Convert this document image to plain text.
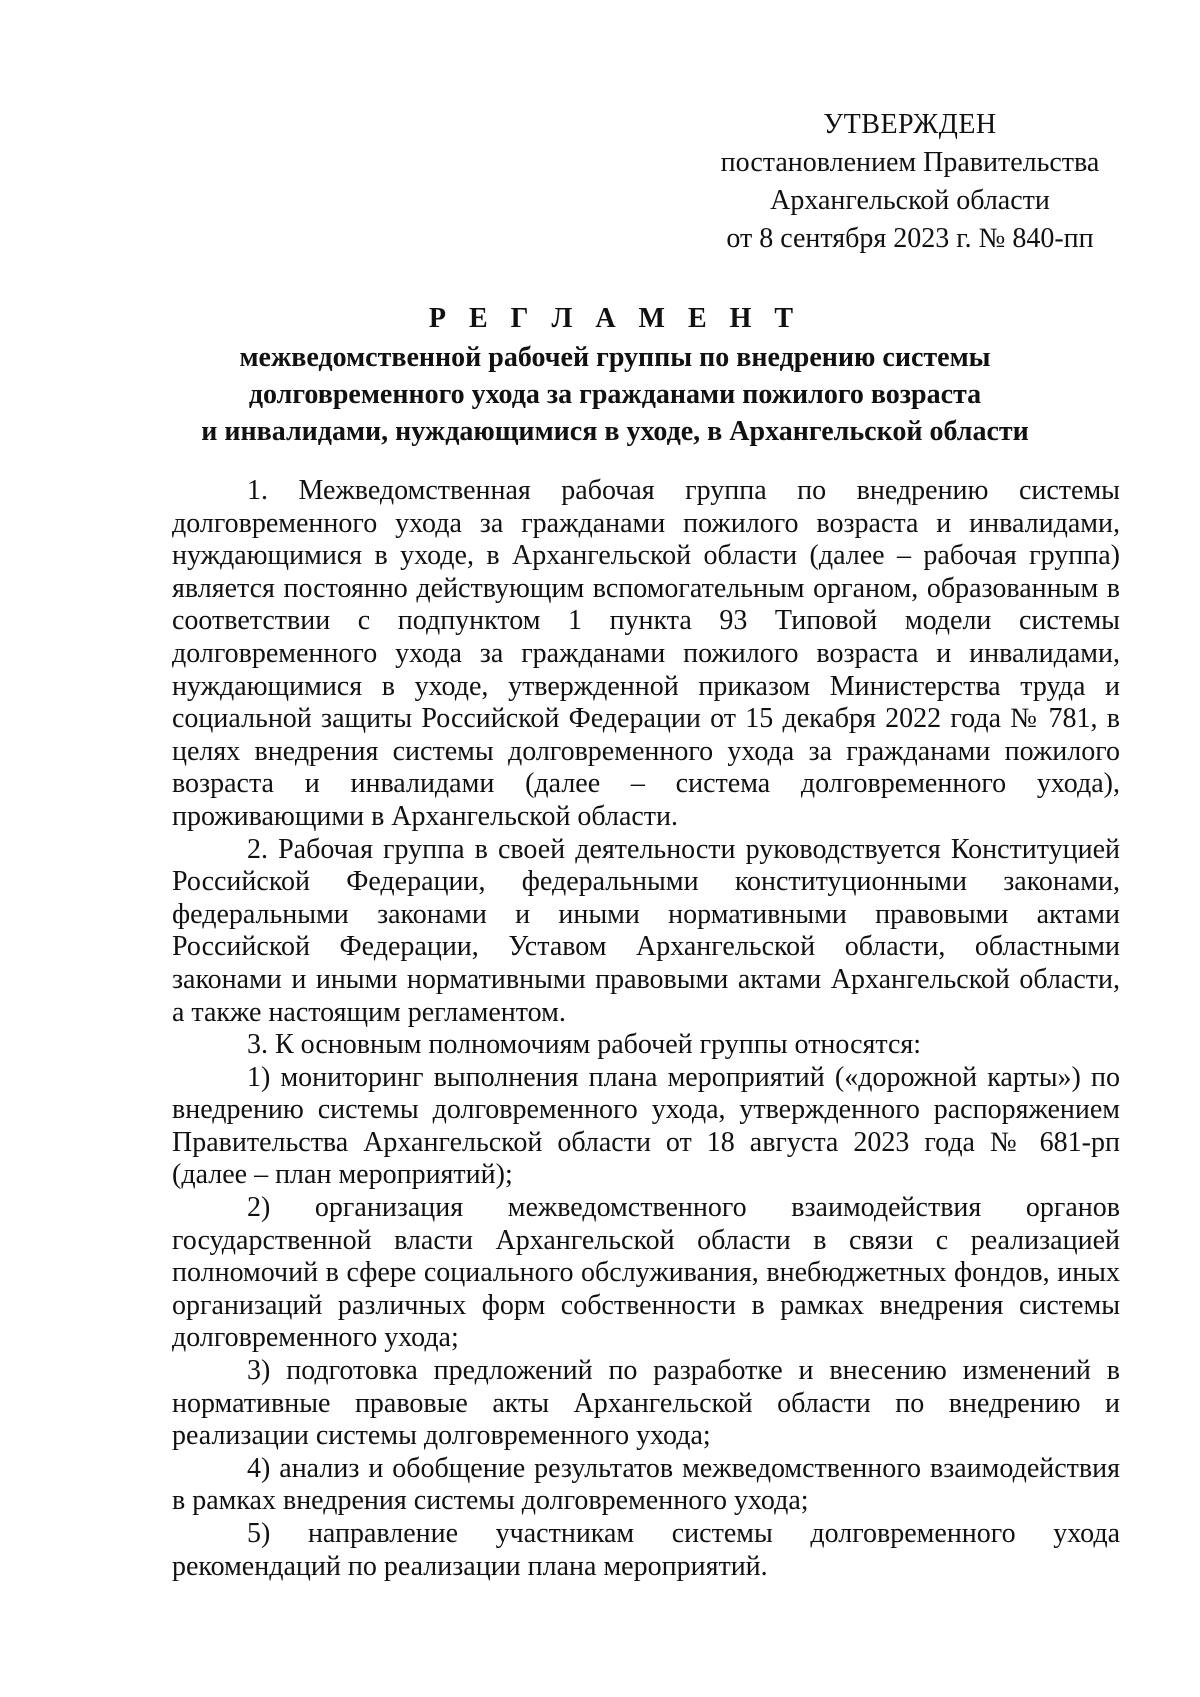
УТВЕРЖДЕН
постановлением Правительства
Архангельской области
от 8 сентября 2023 г. № 840-пп
Р Е Г Л А М Е Н Т
межведомственной рабочей группы по внедрению системы
долговременного ухода за гражданами пожилого возраста
и инвалидами, нуждающимися в уходе, в Архангельской области

1. Межведомственная рабочая группа по внедрению системы долговременного ухода за гражданами пожилого возраста и инвалидами, нуждающимися в уходе, в Архангельской области (далее – рабочая группа) является постоянно действующим вспомогательным органом, образованным в соответствии с подпунктом 1 пункта 93 Типовой модели системы долговременного ухода за гражданами пожилого возраста и инвалидами, нуждающимися в уходе, утвержденной приказом Министерства труда и социальной защиты Российской Федерации от 15 декабря 2022 года № 781, в целях внедрения системы долговременного ухода за гражданами пожилого возраста и инвалидами (далее – система долговременного ухода), проживающими в Архангельской области.

2. Рабочая группа в своей деятельности руководствуется Конституцией Российской Федерации, федеральными конституционными законами, федеральными законами и иными нормативными правовыми актами Российской Федерации, Уставом Архангельской области, областными законами и иными нормативными правовыми актами Архангельской области, а также настоящим регламентом.

3. К основным полномочиям рабочей группы относятся:

1) мониторинг выполнения плана мероприятий («дорожной карты») по внедрению системы долговременного ухода, утвержденного распоряжением Правительства Архангельской области от 18 августа 2023 года № 681-рп (далее – план мероприятий);

2) организация межведомственного взаимодействия органов государственной власти Архангельской области в связи с реализацией полномочий в сфере социального обслуживания, внебюджетных фондов, иных организаций различных форм собственности в рамках внедрения системы долговременного ухода;

3) подготовка предложений по разработке и внесению изменений в нормативные правовые акты Архангельской области по внедрению и реализации системы долговременного ухода;

4) анализ и обобщение результатов межведомственного взаимодействия в рамках внедрения системы долговременного ухода;

5) направление участникам системы долговременного ухода рекомендаций по реализации плана мероприятий.
